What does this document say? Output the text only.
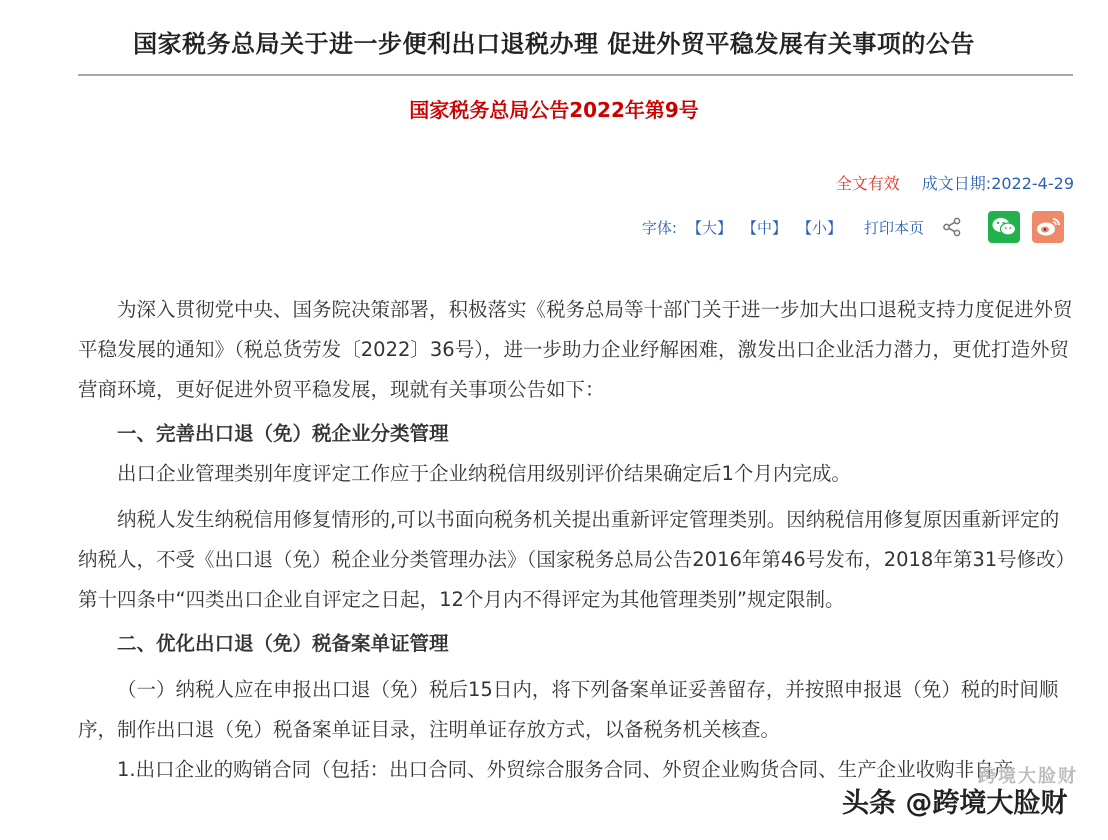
国家税务总局关于进一步便利出口退税办理 促进外贸平稳发展有关事项的公告
国家税务总局公告2022年第9号
全文有效 成文日期:2022-4-29
字体: 【大】 【中】 【小】 打印本页

为深入贯彻党中央、国务院决策部署，积极落实《税务总局等十部门关于进一步加大出口退税支持力度促进外贸平稳发展的通知》（税总货劳发〔2022〕36号），进一步助力企业纾解困难，激发出口企业活力潜力，更优打造外贸营商环境，更好促进外贸平稳发展，现就有关事项公告如下：

一、完善出口退（免）税企业分类管理

出口企业管理类别年度评定工作应于企业纳税信用级别评价结果确定后1个月内完成。

纳税人发生纳税信用修复情形的,可以书面向税务机关提出重新评定管理类别。因纳税信用修复原因重新评定的纳税人，不受《出口退（免）税企业分类管理办法》（国家税务总局公告2016年第46号发布，2018年第31号修改）第十四条中“四类出口企业自评定之日起，12个月内不得评定为其他管理类别”规定限制。

二、优化出口退（免）税备案单证管理

（一）纳税人应在申报出口退（免）税后15日内，将下列备案单证妥善留存，并按照申报退（免）税的时间顺序，制作出口退（免）税备案单证目录，注明单证存放方式，以备税务机关核查。

1.出口企业的购销合同（包括：出口合同、外贸综合服务合同、外贸企业购货合同、生产企业收购非自产

跨境大脸财
头条 @跨境大脸财
